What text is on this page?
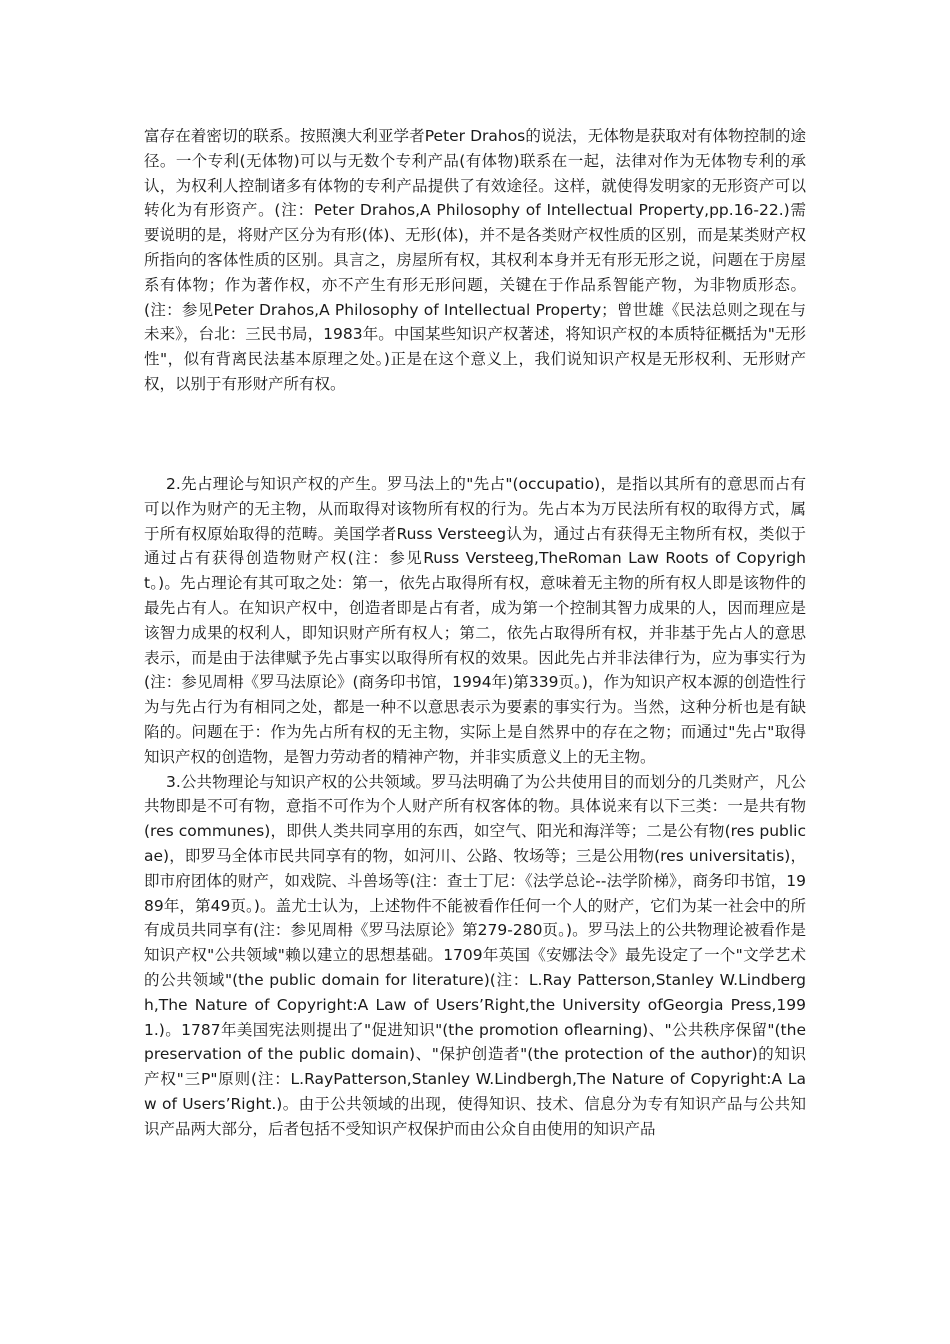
富存在着密切的联系。按照澳大利亚学者Peter Drahos的说法，无体物是获取对有体物控制的途径。一个专利(无体物)可以与无数个专利产品(有体物)联系在一起，法律对作为无体物专利的承认，为权利人控制诸多有体物的专利产品提供了有效途径。这样，就使得发明家的无形资产可以转化为有形资产。(注：Peter Drahos,A Philosophy of Intellectual Property,pp.16-22.)需要说明的是，将财产区分为有形(体)、无形(体)，并不是各类财产权性质的区别，而是某类财产权所指向的客体性质的区别。具言之，房屋所有权，其权利本身并无有形无形之说，问题在于房屋系有体物；作为著作权，亦不产生有形无形问题，关键在于作品系智能产物，为非物质形态。(注：参见Peter Drahos,A Philosophy of Intellectual Property；曾世雄《民法总则之现在与未来》，台北：三民书局，1983年。中国某些知识产权著述，将知识产权的本质特征概括为"无形性"，似有背离民法基本原理之处。)正是在这个意义上，我们说知识产权是无形权利、无形财产权，以别于有形财产所有权。

2.先占理论与知识产权的产生。罗马法上的"先占"(occupatio)，是指以其所有的意思而占有可以作为财产的无主物，从而取得对该物所有权的行为。先占本为万民法所有权的取得方式，属于所有权原始取得的范畴。美国学者Russ Versteeg认为，通过占有获得无主物所有权，类似于通过占有获得创造物财产权(注：参见Russ Versteeg,TheRoman Law Roots of Copyright。)。先占理论有其可取之处：第一，依先占取得所有权，意味着无主物的所有权人即是该物件的最先占有人。在知识产权中，创造者即是占有者，成为第一个控制其智力成果的人，因而理应是该智力成果的权利人，即知识财产所有权人；第二，依先占取得所有权，并非基于先占人的意思表示，而是由于法律赋予先占事实以取得所有权的效果。因此先占并非法律行为，应为事实行为(注：参见周枏《罗马法原论》(商务印书馆，1994年)第339页。)，作为知识产权本源的创造性行为与先占行为有相同之处，都是一种不以意思表示为要素的事实行为。当然，这种分析也是有缺陷的。问题在于：作为先占所有权的无主物，实际上是自然界中的存在之物；而通过"先占"取得知识产权的创造物，是智力劳动者的精神产物，并非实质意义上的无主物。

3.公共物理论与知识产权的公共领域。罗马法明确了为公共使用目的而划分的几类财产，凡公共物即是不可有物，意指不可作为个人财产所有权客体的物。具体说来有以下三类：一是共有物(res communes)，即供人类共同享用的东西，如空气、阳光和海洋等；二是公有物(res publicae)，即罗马全体市民共同享有的物，如河川、公路、牧场等；三是公用物(res universitatis)，即市府团体的财产，如戏院、斗兽场等(注：查士丁尼：《法学总论--法学阶梯》，商务印书馆，1989年，第49页。)。盖尤士认为，上述物件不能被看作任何一个人的财产，它们为某一社会中的所有成员共同享有(注：参见周枏《罗马法原论》第279-280页。)。罗马法上的公共物理论被看作是知识产权"公共领域"赖以建立的思想基础。1709年英国《安娜法令》最先设定了一个"文学艺术的公共领域"(the public domain for literature)(注：L.Ray Patterson,Stanley W.Lindbergh,The Nature of Copyright:A Law of Users’Right,the University ofGeorgia Press,1991.)。1787年美国宪法则提出了"促进知识"(the promotion oflearning)、"公共秩序保留"(the preservation of the public domain)、"保护创造者"(the protection of the author)的知识产权"三P"原则(注：L.RayPatterson,Stanley W.Lindbergh,The Nature of Copyright:A Law of Users’Right.)。由于公共领域的出现，使得知识、技术、信息分为专有知识产品与公共知识产品两大部分，后者包括不受知识产权保护而由公众自由使用的知识产品
